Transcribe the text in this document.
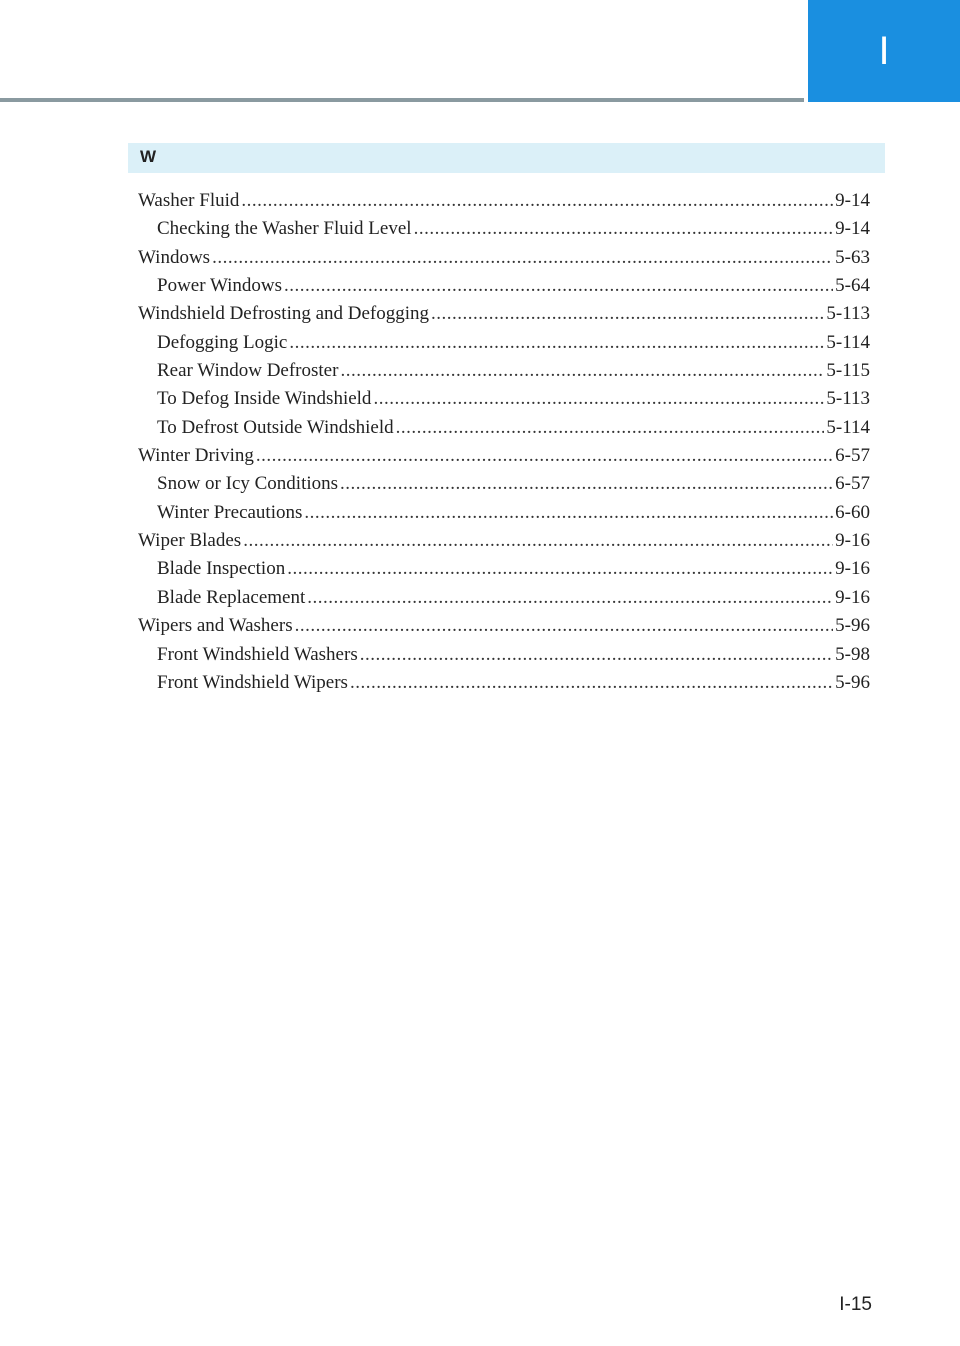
I
W
Washer Fluid .....	9-14
Checking the Washer Fluid Level .....	9-14
Windows .....	5-63
Power Windows .....	5-64
Windshield Defrosting and Defogging .....	5-113
Defogging Logic .....	5-114
Rear Window Defroster .....	5-115
To Defog Inside Windshield .....	5-113
To Defrost Outside Windshield .....	5-114
Winter Driving .....	6-57
Snow or Icy Conditions .....	6-57
Winter Precautions .....	6-60
Wiper Blades .....	9-16
Blade Inspection .....	9-16
Blade Replacement .....	9-16
Wipers and Washers .....	5-96
Front Windshield Washers .....	5-98
Front Windshield Wipers .....	5-96
I-15
